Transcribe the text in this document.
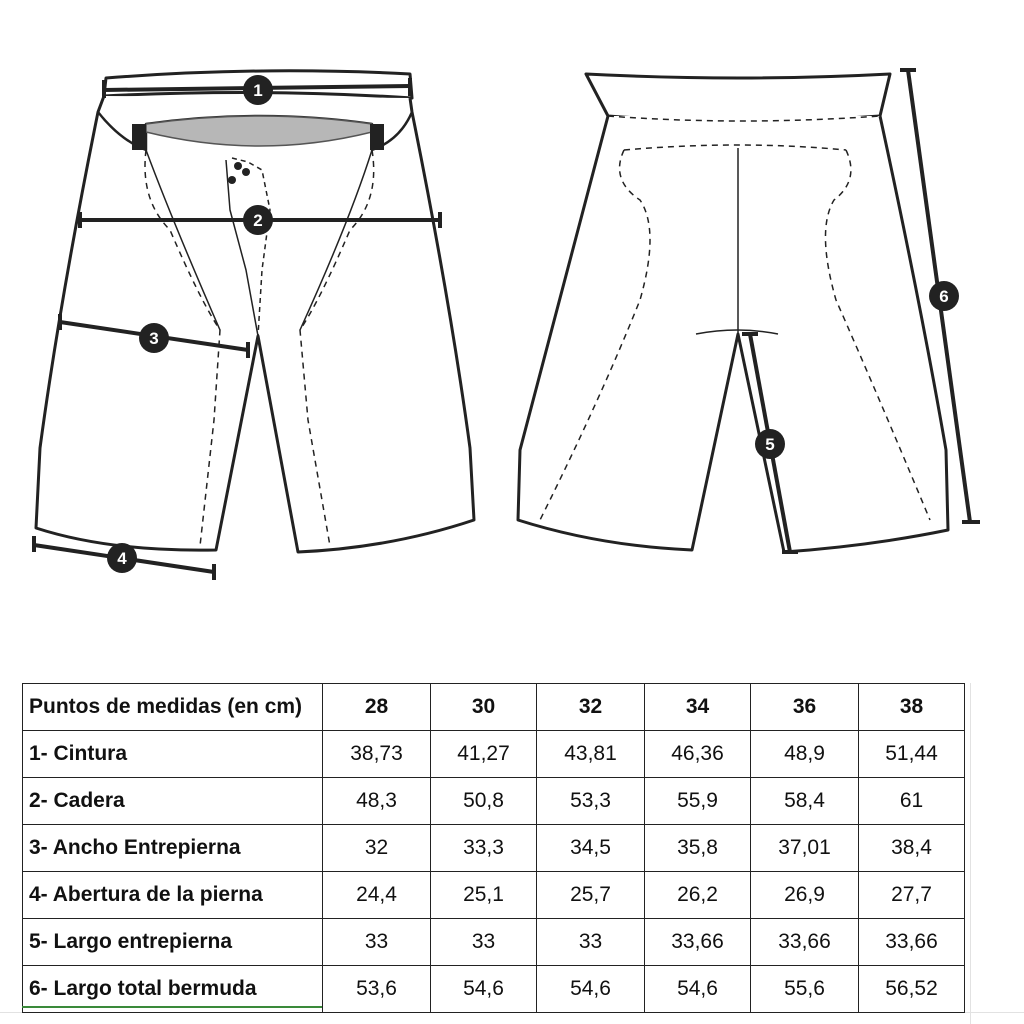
1
2
3
4
5
6
Puntos de medidas (en cm)	28	30	32	34	36	38
1- Cintura	38,73	41,27	43,81	46,36	48,9	51,44
2- Cadera	48,3	50,8	53,3	55,9	58,4	61
3- Ancho Entrepierna	32	33,3	34,5	35,8	37,01	38,4
4- Abertura de la pierna	24,4	25,1	25,7	26,2	26,9	27,7
5- Largo entrepierna	33	33	33	33,66	33,66	33,66
6- Largo total bermuda	53,6	54,6	54,6	54,6	55,6	56,52
